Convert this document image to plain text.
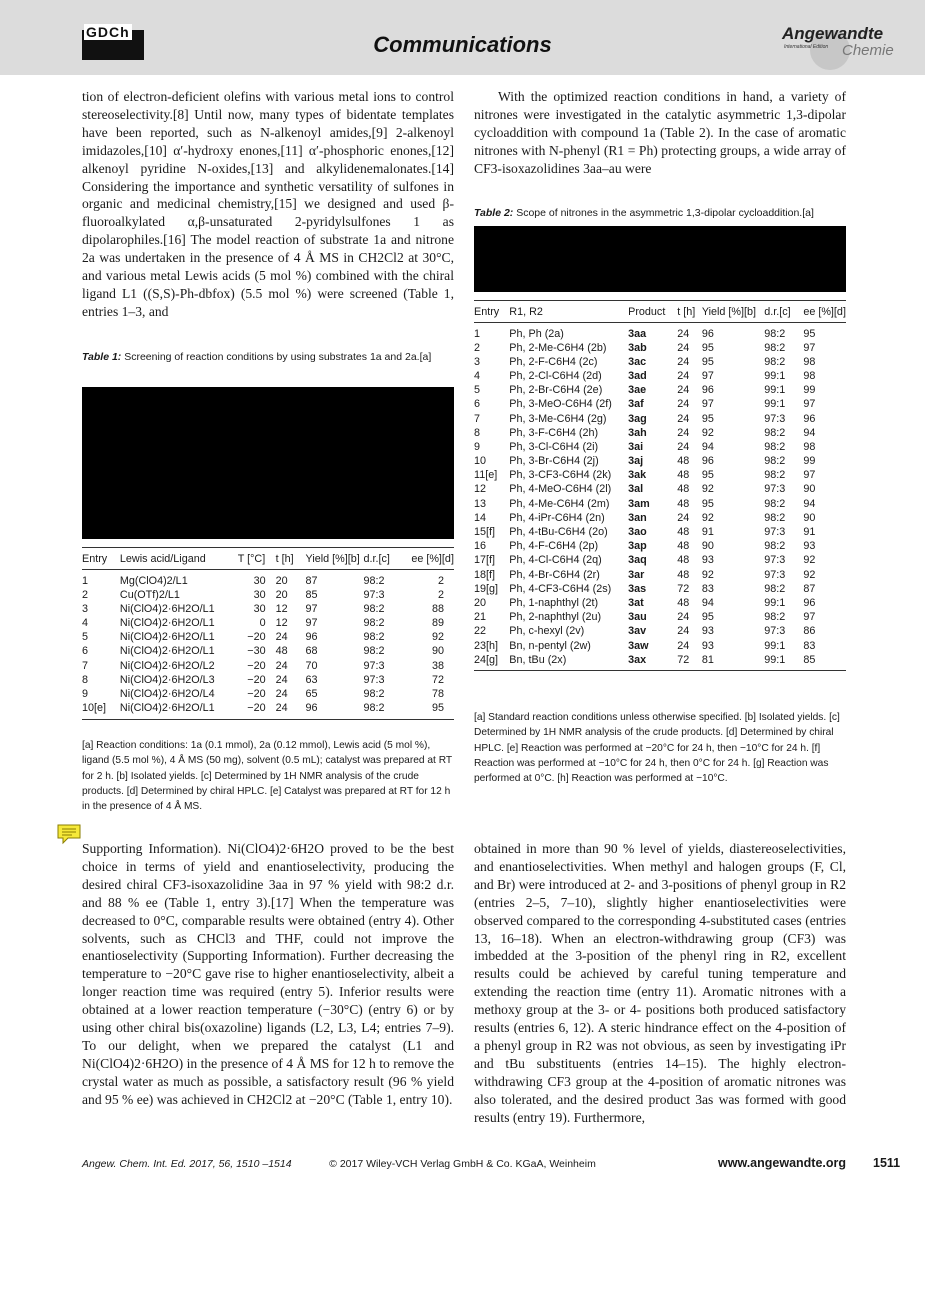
GDCh	Communications	Angewandte
International Edition Chemie
tion of electron-deficient olefins with various metal ions to control stereoselectivity.[8] Until now, many types of bidentate templates have been reported, such as N-alkenoyl amides,[9] 2-alkenoyl imidazoles,[10] α′-hydroxy enones,[11] α′-phosphoric enones,[12] alkenoyl pyridine N-oxides,[13] and alkylidenemalonates.[14] Considering the importance and synthetic versatility of sulfones in organic and medicinal chemistry,[15] we designed and used β-fluoroalkylated α,β-unsaturated 2-pyridylsulfones 1 as dipolarophiles.[16] The model reaction of substrate 1a and nitrone 2a was undertaken in the presence of 4 Å MS in CH2Cl2 at 30°C, and various metal Lewis acids (5 mol %) combined with the chiral ligand L1 ((S,S)-Ph-dbfox) (5.5 mol %) were screened (Table 1, entries 1–3, and
With the optimized reaction conditions in hand, a variety of nitrones were investigated in the catalytic asymmetric 1,3-dipolar cycloaddition with compound 1a (Table 2). In the case of aromatic nitrones with N-phenyl (R1 = Ph) protecting groups, a wide array of CF3-isoxazolidines 3aa–au were
Table 1: Screening of reaction conditions by using substrates 1a and 2a.[a]
Entry	Lewis acid/Ligand	T [°C]	t [h]	Yield [%][b]	d.r.[c]	ee [%][d]
1	Mg(ClO4)2/L1	30	20	87	98:2	2
2	Cu(OTf)2/L1	30	20	85	97:3	2
3	Ni(ClO4)2·6H2O/L1	30	12	97	98:2	88
4	Ni(ClO4)2·6H2O/L1	0	12	97	98:2	89
5	Ni(ClO4)2·6H2O/L1	−20	24	96	98:2	92
6	Ni(ClO4)2·6H2O/L1	−30	48	68	98:2	90
7	Ni(ClO4)2·6H2O/L2	−20	24	70	97:3	38
8	Ni(ClO4)2·6H2O/L3	−20	24	63	97:3	72
9	Ni(ClO4)2·6H2O/L4	−20	24	65	98:2	78
10[e]	Ni(ClO4)2·6H2O/L1	−20	24	96	98:2	95
[a] Reaction conditions: 1a (0.1 mmol), 2a (0.12 mmol), Lewis acid (5 mol %), ligand (5.5 mol %), 4 Å MS (50 mg), solvent (0.5 mL); catalyst was prepared at RT for 2 h. [b] Isolated yields. [c] Determined by 1H NMR analysis of the crude products. [d] Determined by chiral HPLC. [e] Catalyst was prepared at RT for 12 h in the presence of 4 Å MS.
Table 2: Scope of nitrones in the asymmetric 1,3-dipolar cycloaddition.[a]
Entry	R1, R2	Product	t [h]	Yield [%][b]	d.r.[c]	ee [%][d]
1	Ph, Ph (2a)	3aa	24	96	98:2	95
2	Ph, 2-Me-C6H4 (2b)	3ab	24	95	98:2	97
3	Ph, 2-F-C6H4 (2c)	3ac	24	95	98:2	98
4	Ph, 2-Cl-C6H4 (2d)	3ad	24	97	99:1	98
5	Ph, 2-Br-C6H4 (2e)	3ae	24	96	99:1	99
6	Ph, 3-MeO-C6H4 (2f)	3af	24	97	99:1	97
7	Ph, 3-Me-C6H4 (2g)	3ag	24	95	97:3	96
8	Ph, 3-F-C6H4 (2h)	3ah	24	92	98:2	94
9	Ph, 3-Cl-C6H4 (2i)	3ai	24	94	98:2	98
10	Ph, 3-Br-C6H4 (2j)	3aj	48	96	98:2	99
11[e]	Ph, 3-CF3-C6H4 (2k)	3ak	48	95	98:2	97
12	Ph, 4-MeO-C6H4 (2l)	3al	48	92	97:3	90
13	Ph, 4-Me-C6H4 (2m)	3am	48	95	98:2	94
14	Ph, 4-iPr-C6H4 (2n)	3an	24	92	98:2	90
15[f]	Ph, 4-tBu-C6H4 (2o)	3ao	48	91	97:3	91
16	Ph, 4-F-C6H4 (2p)	3ap	48	90	98:2	93
17[f]	Ph, 4-Cl-C6H4 (2q)	3aq	48	93	97:3	92
18[f]	Ph, 4-Br-C6H4 (2r)	3ar	48	92	97:3	92
19[g]	Ph, 4-CF3-C6H4 (2s)	3as	72	83	98:2	87
20	Ph, 1-naphthyl (2t)	3at	48	94	99:1	96
21	Ph, 2-naphthyl (2u)	3au	24	95	98:2	97
22	Ph, c-hexyl (2v)	3av	24	93	97:3	86
23[h]	Bn, n-pentyl (2w)	3aw	24	93	99:1	83
24[g]	Bn, tBu (2x)	3ax	72	81	99:1	85
[a] Standard reaction conditions unless otherwise specified. [b] Isolated yields. [c] Determined by 1H NMR analysis of the crude products. [d] Determined by chiral HPLC. [e] Reaction was performed at −20°C for 24 h, then −10°C for 24 h. [f] Reaction was performed at −10°C for 24 h, then 0°C for 24 h. [g] Reaction was performed at 0°C. [h] Reaction was performed at −10°C.
Supporting Information). Ni(ClO4)2·6H2O proved to be the best choice in terms of yield and enantioselectivity, producing the desired chiral CF3-isoxazolidine 3aa in 97 % yield with 98:2 d.r. and 88 % ee (Table 1, entry 3).[17] When the temperature was decreased to 0°C, comparable results were obtained (entry 4). Other solvents, such as CHCl3 and THF, could not improve the enantioselectivity (Supporting Information). Further decreasing the temperature to −20°C gave rise to higher enantioselectivity, albeit a longer reaction time was required (entry 5). Inferior results were obtained at a lower reaction temperature (−30°C) (entry 6) or by using other chiral bis(oxazoline) ligands (L2, L3, L4; entries 7–9). To our delight, when we prepared the catalyst (L1 and Ni(ClO4)2·6H2O) in the presence of 4 Å MS for 12 h to remove the crystal water as much as possible, a satisfactory result (96 % yield and 95 % ee) was achieved in CH2Cl2 at −20°C (Table 1, entry 10).
obtained in more than 90 % level of yields, diastereoselectivities, and enantioselectivities. When methyl and halogen groups (F, Cl, and Br) were introduced at 2- and 3-positions of phenyl group in R2 (entries 2–5, 7–10), slightly higher enantioselectivities were observed compared to the corresponding 4-substituted cases (entries 13, 16–18). When an electron-withdrawing group (CF3) was imbedded at the 3-position of the phenyl ring in R2, excellent results could be achieved by careful tuning temperature and extending the reaction time (entry 11). Aromatic nitrones with a methoxy group at the 3- or 4- positions both produced satisfactory results (entries 6, 12). A steric hindrance effect on the 4-position of a phenyl group in R2 was not obvious, as seen by investigating iPr and tBu substituents (entries 14–15). The highly electron-withdrawing CF3 group at the 4-position of aromatic nitrones was also tolerated, and the desired product 3as was formed with good results (entry 19). Furthermore,
Angew. Chem. Int. Ed. 2017, 56, 1510 –1514	© 2017 Wiley-VCH Verlag GmbH & Co. KGaA, Weinheim	www.angewandte.org 1511
